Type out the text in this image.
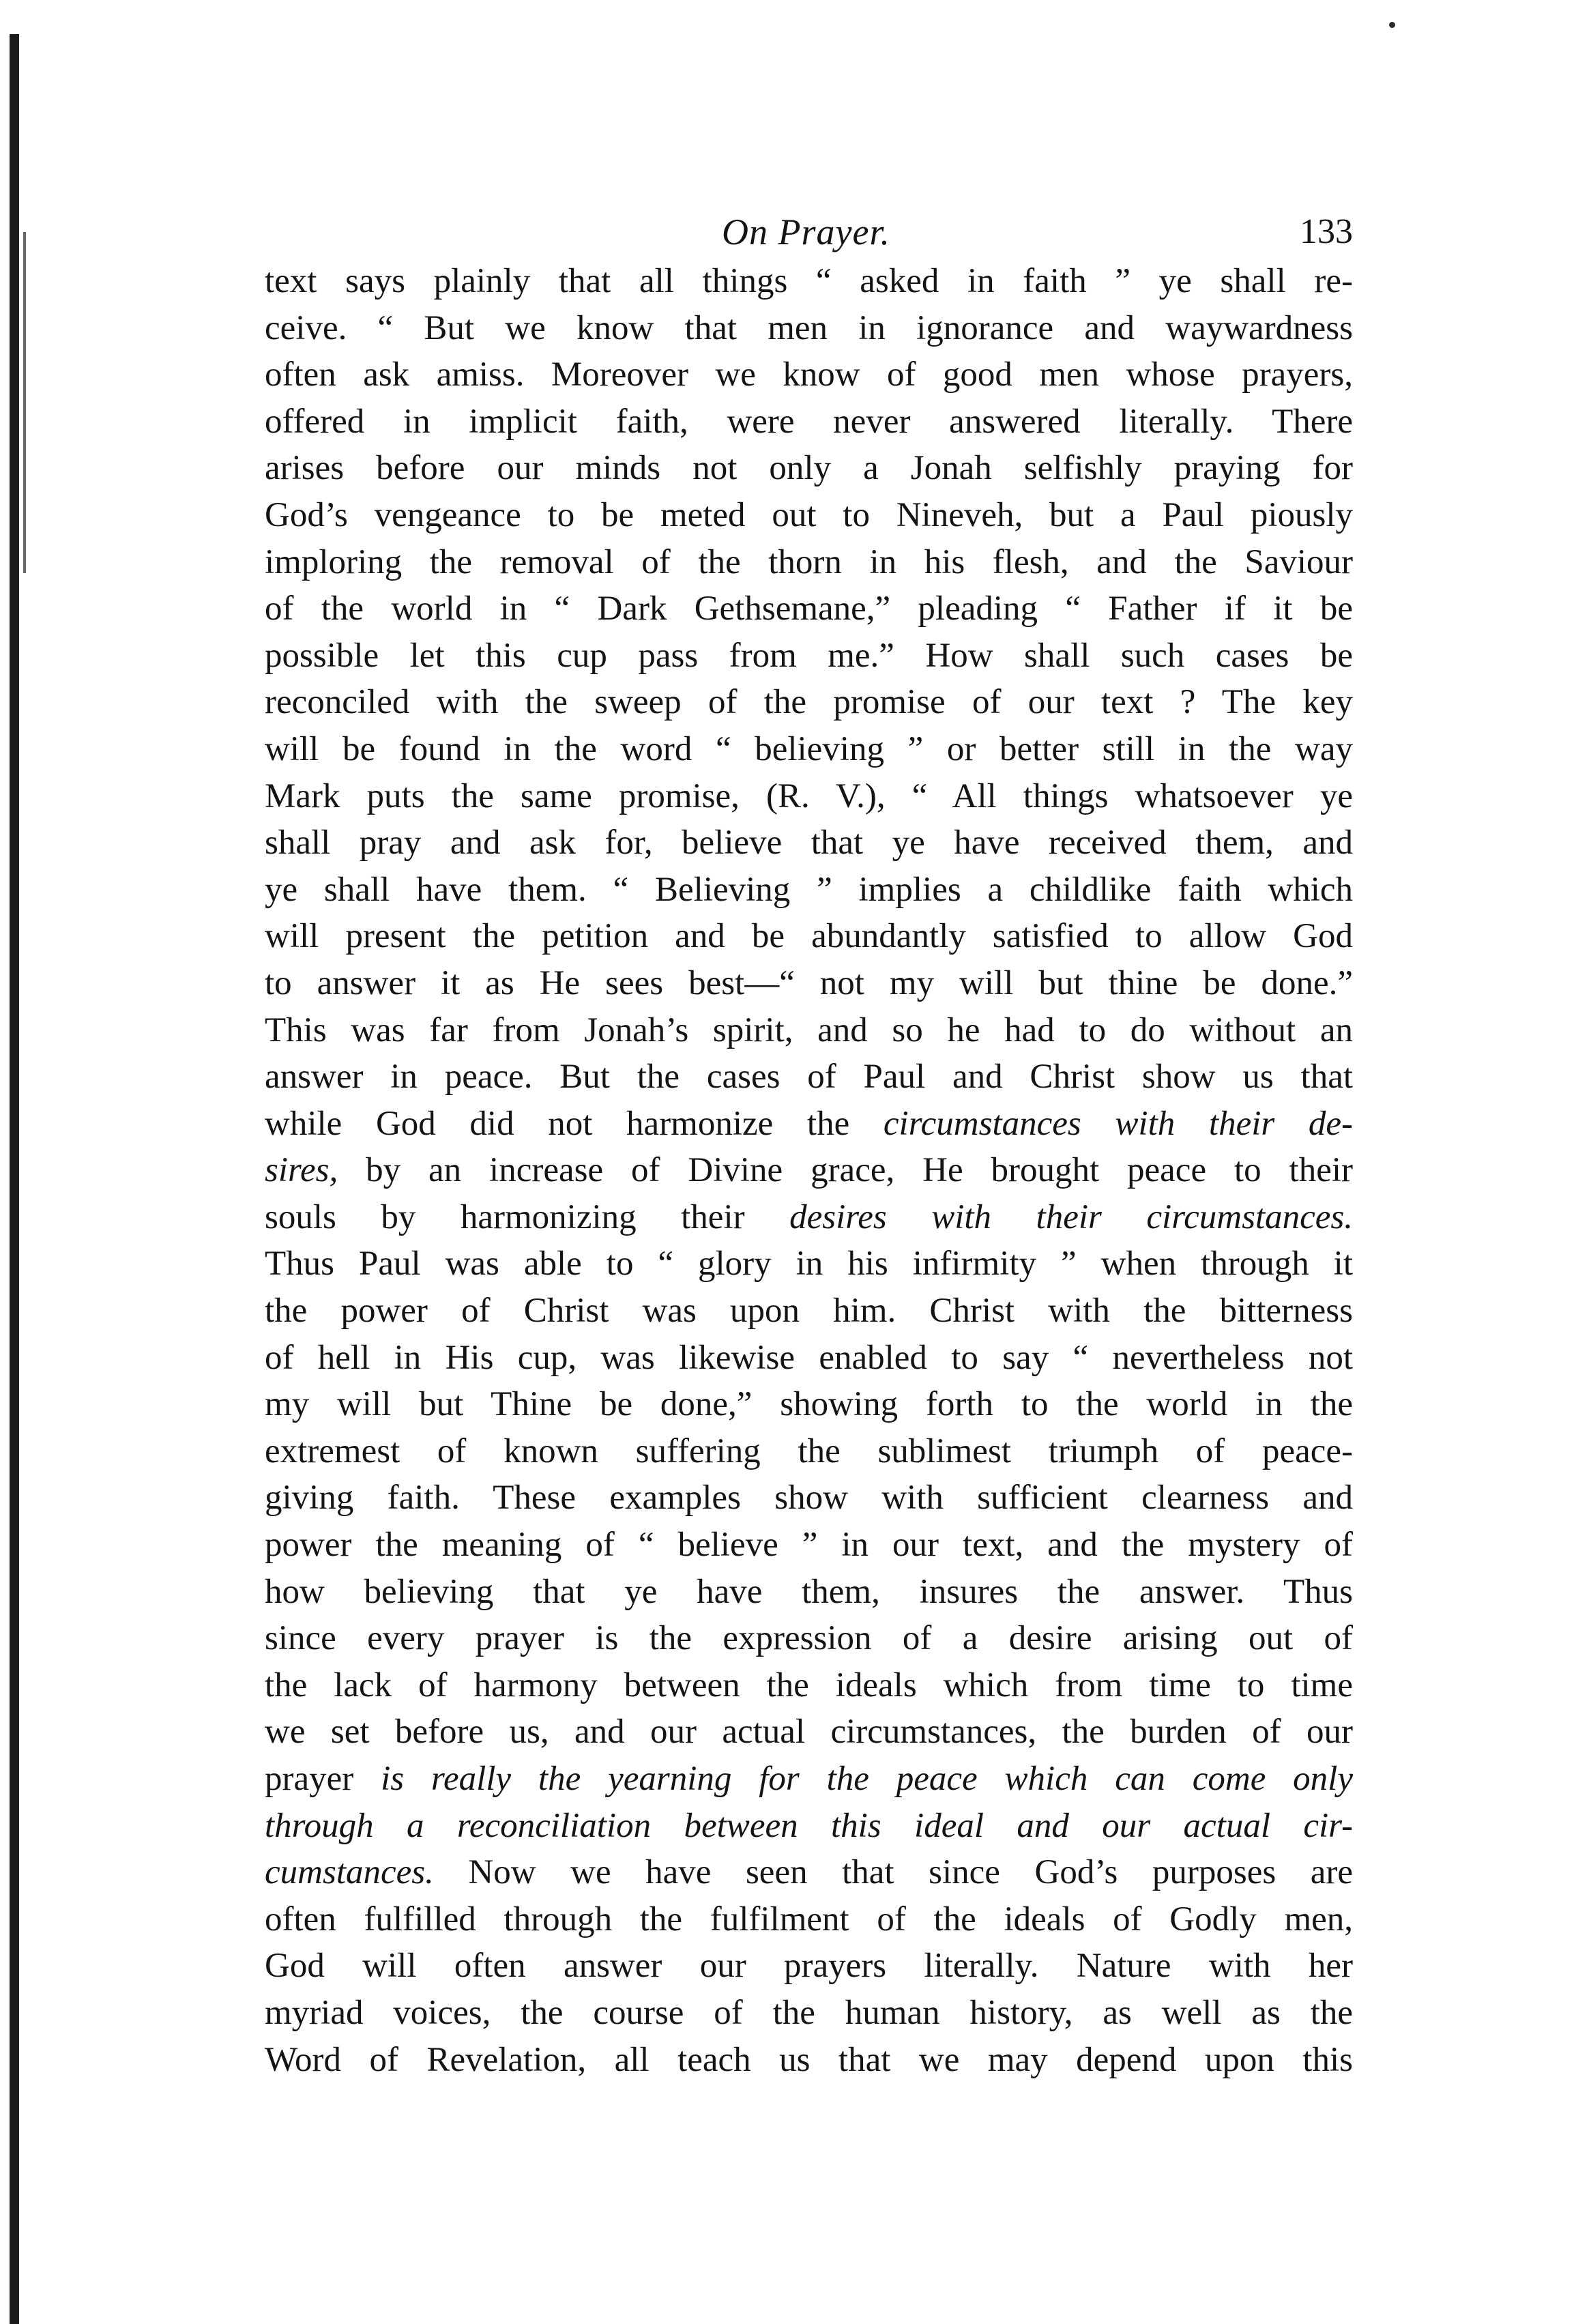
On Prayer.	133
text says plainly that all things “ asked in faith ” ye shall re-
ceive. “ But we know that men in ignorance and waywardness
often ask amiss. Moreover we know of good men whose prayers,
offered in implicit faith, were never answered literally. There
arises before our minds not only a Jonah selfishly praying for
God’s vengeance to be meted out to Nineveh, but a Paul piously
imploring the removal of the thorn in his flesh, and the Saviour
of the world in “ Dark Gethsemane,” pleading “ Father if it be
possible let this cup pass from me.” How shall such cases be
reconciled with the sweep of the promise of our text ? The key
will be found in the word “ believing ” or better still in the way
Mark puts the same promise, (R. V.), “ All things whatsoever ye
shall pray and ask for, believe that ye have received them, and
ye shall have them. “ Believing ” implies a childlike faith which
will present the petition and be abundantly satisfied to allow God
to answer it as He sees best—“ not my will but thine be done.”
This was far from Jonah’s spirit, and so he had to do without an
answer in peace. But the cases of Paul and Christ show us that
while God did not harmonize the circumstances with their de-
sires, by an increase of Divine grace, He brought peace to their
souls by harmonizing their desires with their circumstances.
Thus Paul was able to “ glory in his infirmity ” when through it
the power of Christ was upon him. Christ with the bitterness
of hell in His cup, was likewise enabled to say “ nevertheless not
my will but Thine be done,” showing forth to the world in the
extremest of known suffering the sublimest triumph of peace-
giving faith. These examples show with sufficient clearness and
power the meaning of “ believe ” in our text, and the mystery of
how believing that ye have them, insures the answer. Thus
since every prayer is the expression of a desire arising out of
the lack of harmony between the ideals which from time to time
we set before us, and our actual circumstances, the burden of our
prayer is really the yearning for the peace which can come only
through a reconciliation between this ideal and our actual cir-
cumstances. Now we have seen that since God’s purposes are
often fulfilled through the fulfilment of the ideals of Godly men,
God will often answer our prayers literally. Nature with her
myriad voices, the course of the human history, as well as the
Word of Revelation, all teach us that we may depend upon this
